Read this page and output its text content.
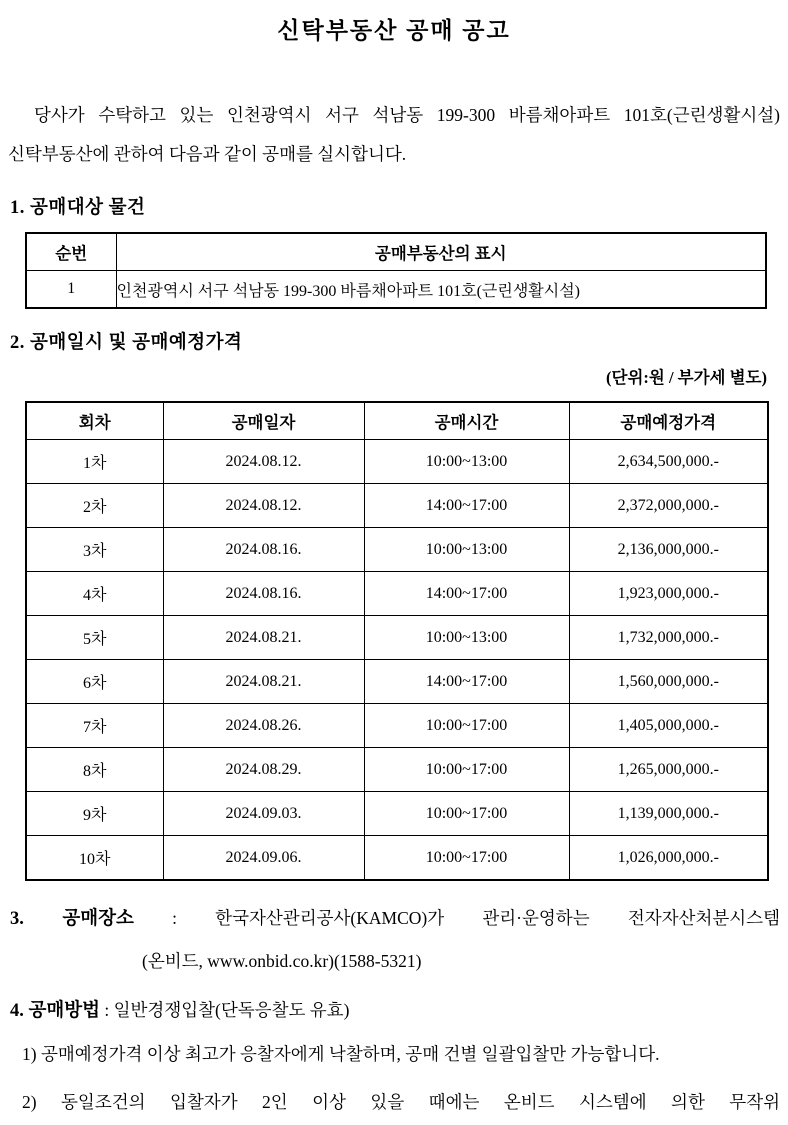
신탁부동산 공매 공고

당사가 수탁하고 있는 인천광역시 서구 석남동 199-300 바름채아파트 101호(근린생활시설) 신탁부동산에 관하여 다음과 같이 공매를 실시합니다.

1. 공매대상 물건
순번	공매부동산의 표시
1	인천광역시 서구 석남동 199-300 바름채아파트 101호(근린생활시설)
2. 공매일시 및 공매예정가격
(단위:원 / 부가세 별도)
회차	공매일자	공매시간	공매예정가격
1차	2024.08.12.	10:00~13:00	2,634,500,000.-
2차	2024.08.12.	14:00~17:00	2,372,000,000.-
3차	2024.08.16.	10:00~13:00	2,136,000,000.-
4차	2024.08.16.	14:00~17:00	1,923,000,000.-
5차	2024.08.21.	10:00~13:00	1,732,000,000.-
6차	2024.08.21.	14:00~17:00	1,560,000,000.-
7차	2024.08.26.	10:00~17:00	1,405,000,000.-
8차	2024.08.29.	10:00~17:00	1,265,000,000.-
9차	2024.09.03.	10:00~17:00	1,139,000,000.-
10차	2024.09.06.	10:00~17:00	1,026,000,000.-

3. 공매장소 : 한국자산관리공사(KAMCO)가 관리·운영하는 전자자산처분시스템

(온비드, www.onbid.co.kr)(1588-5321)

4. 공매방법 : 일반경쟁입찰(단독응찰도 유효)

1) 공매예정가격 이상 최고가 응찰자에게 낙찰하며, 공매 건별 일괄입찰만 가능합니다.

2) 동일조건의 입찰자가 2인 이상 있을 때에는 온비드 시스템에 의한 무작위
